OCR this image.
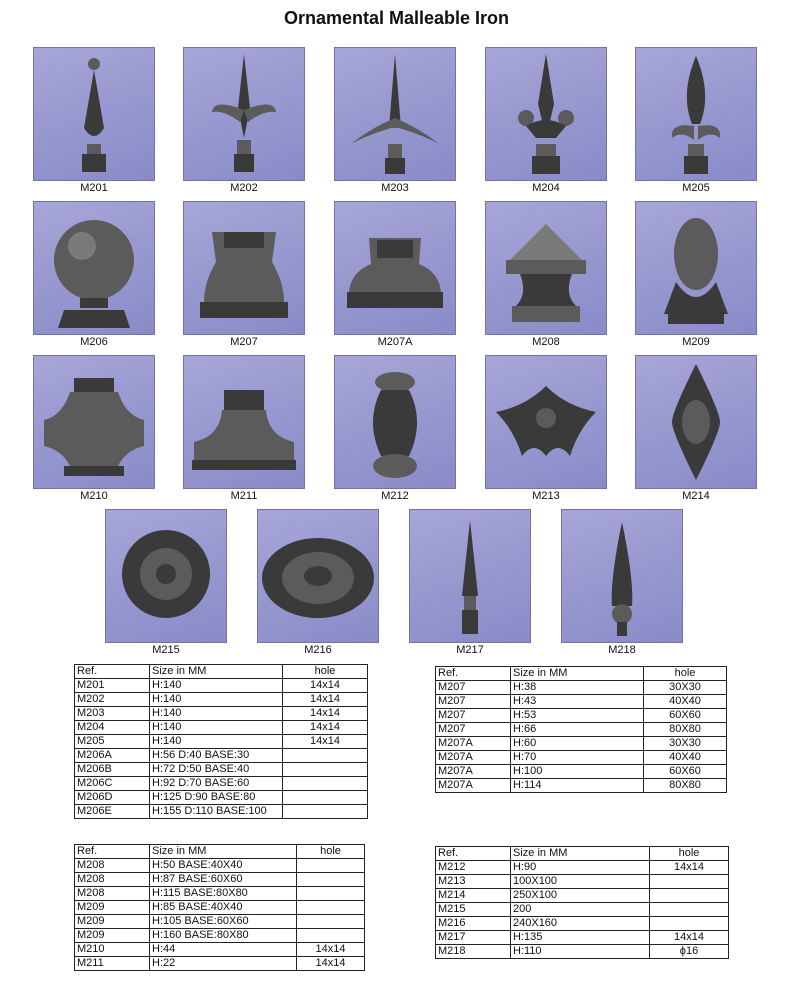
Ornamental Malleable Iron
M201	M202	M203	M204	M205
M206	M207	M207A	M208	M209
M210	M211	M212	M213	M214
M215	M216	M217	M218
Ref.	Size in MM	hole
M201	H:140	14x14
M202	H:140	14x14
M203	H:140	14x14
M204	H:140	14x14
M205	H:140	14x14
M206A	H:56 D:40 BASE:30	
M206B	H:72 D:50 BASE:40	
M206C	H:92 D:70 BASE:60	
M206D	H:125 D:90 BASE:80	
M206E	H:155 D:110 BASE:100	
Ref.	Size in MM	hole
M207	H:38	30X30
M207	H:43	40X40
M207	H:53	60X60
M207	H:66	80X80
M207A	H:60	30X30
M207A	H:70	40X40
M207A	H:100	60X60
M207A	H:114	80X80
Ref.	Size in MM	hole
M208	H:50 BASE:40X40	
M208	H:87 BASE:60X60	
M208	H:115 BASE:80X80	
M209	H:85 BASE:40X40	
M209	H:105 BASE:60X60	
M209	H:160 BASE:80X80	
M210	H:44	14x14
M211	H:22	14x14
Ref.	Size in MM	hole
M212	H:90	14x14
M213	100X100	
M214	250X100	
M215	200	
M216	240X160	
M217	H:135	14x14
M218	H:110	ϕ16
